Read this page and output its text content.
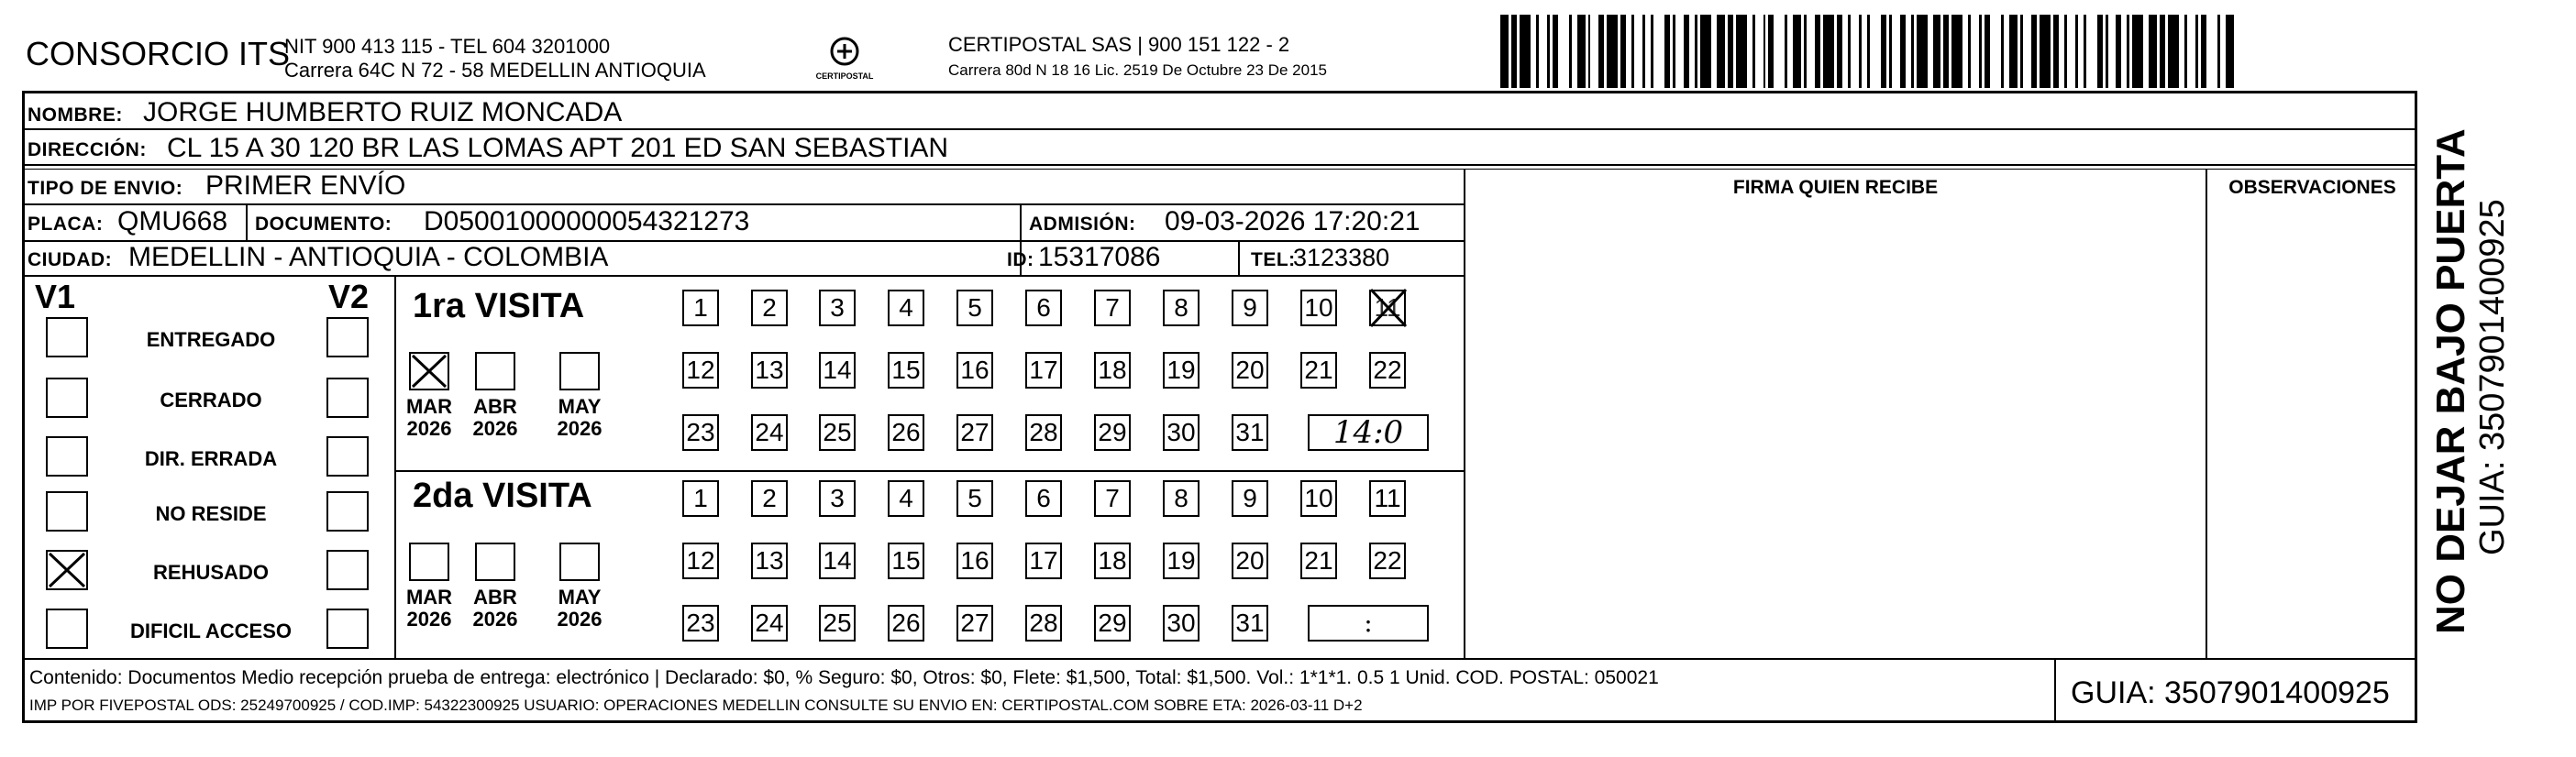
CONSORCIO ITS
NIT 900 413 115 - TEL 604 3201000
Carrera 64C N 72 - 58 MEDELLIN ANTIOQUIA	CERTIPOSTAL
CERTIPOSTAL SAS | 900 151 122 - 2
Carrera 80d N 18 16 Lic. 2519 De Octubre 23 De 2015
NOMBRE: JORGE HUMBERTO RUIZ MONCADA
DIRECCIÓN: CL 15 A 30 120 BR LAS LOMAS APT 201 ED SAN SEBASTIAN
TIPO DE ENVIO: PRIMER ENVÍO	FIRMA QUIEN RECIBE	OBSERVACIONES
PLACA: QMU668 DOCUMENTO: D05001000000054321273	ADMISIÓN: 09-03-2026 17:20:21
CIUDAD: MEDELLIN - ANTIOQUIA - COLOMBIA	ID: 15317086	TEL:
3123380
V1	V2
ENTREGADO
CERRADO
DIR. ERRADA
NO RESIDE
REHUSADO
DIFICIL ACCESO
1ra VISITA
2da VISITA
MAR
2026
ABR
2026
MAY
2026
MAR
2026
ABR
2026
MAY
2026
1	2	3	4	5	6	7	8	9	10 11
12 13 14 15 16 17 18 19 20 21 22
23 24 25 26 27 28 29 30 31	14:0
1	2	3	4	5	6	7	8	9	10 11
12 13 14 15 16 17 18 19 20 21 22
23 24 25 26 27 28 29 30 31	:
Contenido: Documentos Medio recepción prueba de entrega: electrónico | Declarado: $0, % Seguro: $0, Otros: $0, Flete: $1,500, Total: $1,500. Vol.: 1*1*1. 0.5 1 Unid. COD. POSTAL: 050021
IMP POR FIVEPOSTAL ODS: 25249700925 / COD.IMP: 54322300925 USUARIO: OPERACIONES MEDELLIN CONSULTE SU ENVIO EN: CERTIPOSTAL.COM SOBRE ETA: 2026-03-11 D+2	GUIA: 3507901400925
NO DEJAR BAJO PUERTA GUIA: 3507901400925
